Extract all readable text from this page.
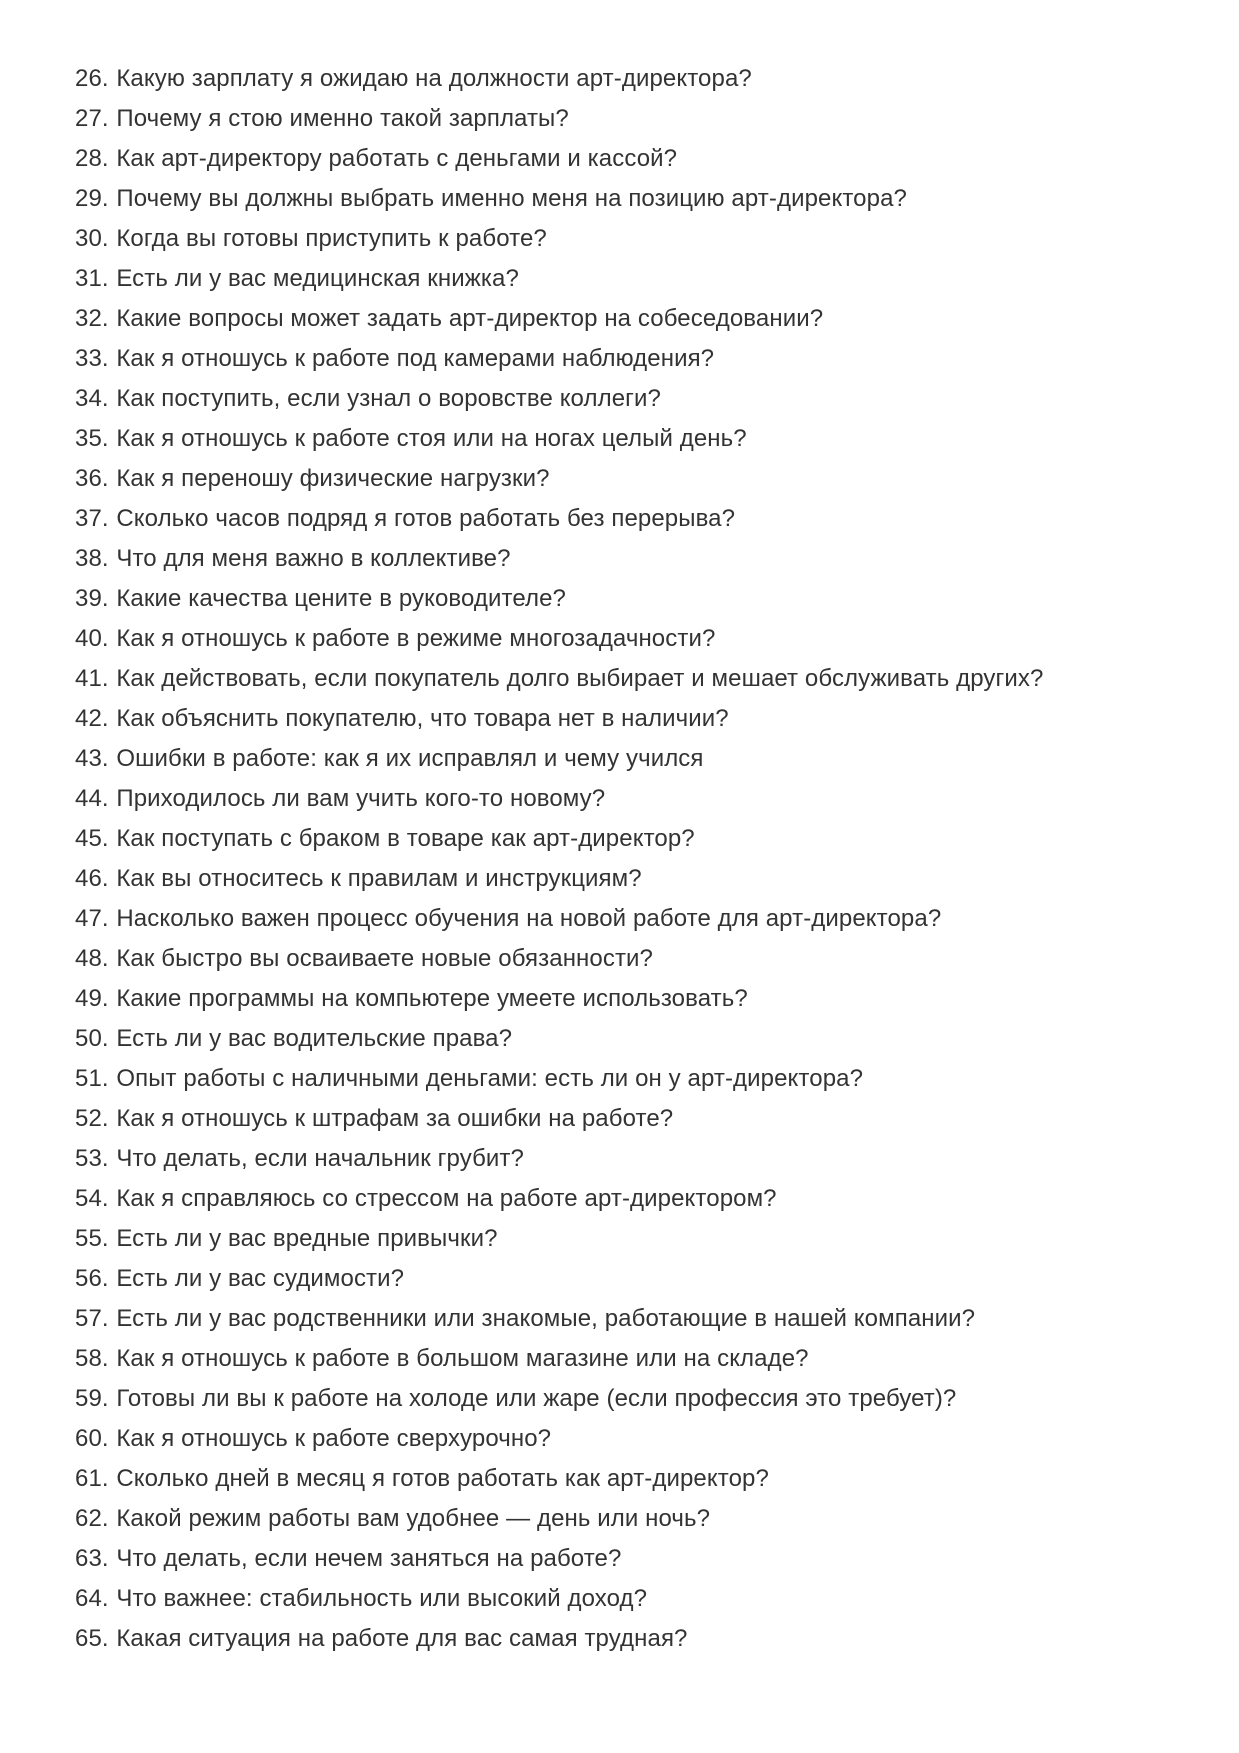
26. Какую зарплату я ожидаю на должности арт-директора?
27. Почему я стою именно такой зарплаты?
28. Как арт-директору работать с деньгами и кассой?
29. Почему вы должны выбрать именно меня на позицию арт-директора?
30. Когда вы готовы приступить к работе?
31. Есть ли у вас медицинская книжка?
32. Какие вопросы может задать арт-директор на собеседовании?
33. Как я отношусь к работе под камерами наблюдения?
34. Как поступить, если узнал о воровстве коллеги?
35. Как я отношусь к работе стоя или на ногах целый день?
36. Как я переношу физические нагрузки?
37. Сколько часов подряд я готов работать без перерыва?
38. Что для меня важно в коллективе?
39. Какие качества цените в руководителе?
40. Как я отношусь к работе в режиме многозадачности?
41. Как действовать, если покупатель долго выбирает и мешает обслуживать других?
42. Как объяснить покупателю, что товара нет в наличии?
43. Ошибки в работе: как я их исправлял и чему учился
44. Приходилось ли вам учить кого-то новому?
45. Как поступать с браком в товаре как арт-директор?
46. Как вы относитесь к правилам и инструкциям?
47. Насколько важен процесс обучения на новой работе для арт-директора?
48. Как быстро вы осваиваете новые обязанности?
49. Какие программы на компьютере умеете использовать?
50. Есть ли у вас водительские права?
51. Опыт работы с наличными деньгами: есть ли он у арт-директора?
52. Как я отношусь к штрафам за ошибки на работе?
53. Что делать, если начальник грубит?
54. Как я справляюсь со стрессом на работе арт-директором?
55. Есть ли у вас вредные привычки?
56. Есть ли у вас судимости?
57. Есть ли у вас родственники или знакомые, работающие в нашей компании?
58. Как я отношусь к работе в большом магазине или на складе?
59. Готовы ли вы к работе на холоде или жаре (если профессия это требует)?
60. Как я отношусь к работе сверхурочно?
61. Сколько дней в месяц я готов работать как арт-директор?
62. Какой режим работы вам удобнее — день или ночь?
63. Что делать, если нечем заняться на работе?
64. Что важнее: стабильность или высокий доход?
65. Какая ситуация на работе для вас самая трудная?
